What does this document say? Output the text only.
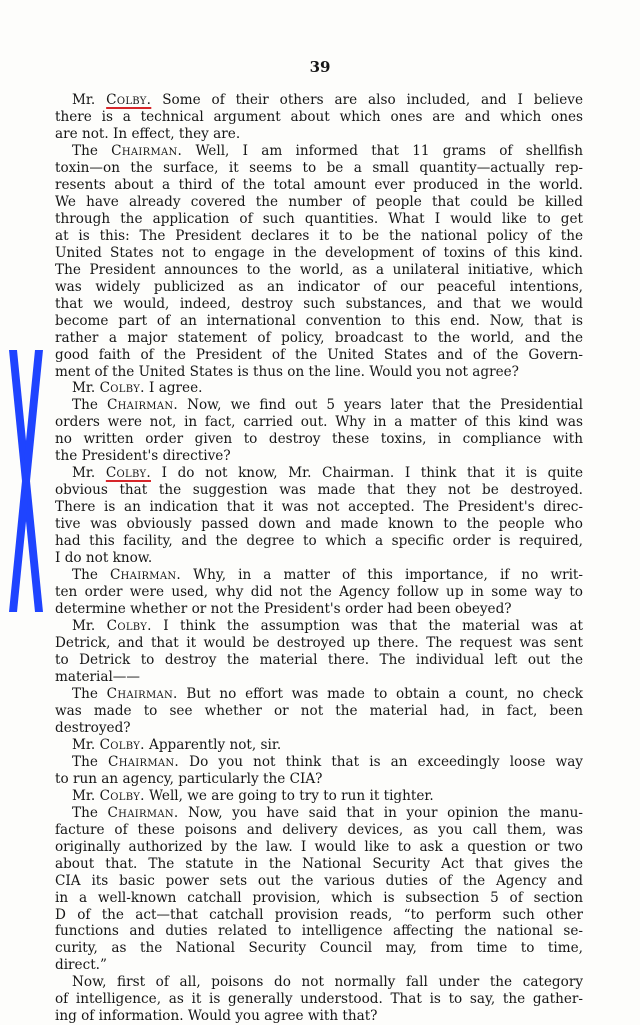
39
Mr. Colby. Some of their others are also included, and I believe
there is a technical argument about which ones are and which ones
are not. In effect, they are.
The Chairman. Well, I am informed that 11 grams of shellfish
toxin—on the surface, it seems to be a small quantity—actually rep-
resents about a third of the total amount ever produced in the world.
We have already covered the number of people that could be killed
through the application of such quantities. What I would like to get
at is this: The President declares it to be the national policy of the
United States not to engage in the development of toxins of this kind.
The President announces to the world, as a unilateral initiative, which
was widely publicized as an indicator of our peaceful intentions,
that we would, indeed, destroy such substances, and that we would
become part of an international convention to this end. Now, that is
rather a major statement of policy, broadcast to the world, and the
good faith of the President of the United States and of the Govern-
ment of the United States is thus on the line. Would you not agree?
Mr. Colby. I agree.
The Chairman. Now, we find out 5 years later that the Presidential
orders were not, in fact, carried out. Why in a matter of this kind was
no written order given to destroy these toxins, in compliance with
the President's directive?
Mr. Colby. I do not know, Mr. Chairman. I think that it is quite
obvious that the suggestion was made that they not be destroyed.
There is an indication that it was not accepted. The President's direc-
tive was obviously passed down and made known to the people who
had this facility, and the degree to which a specific order is required,
I do not know.
The Chairman. Why, in a matter of this importance, if no writ-
ten order were used, why did not the Agency follow up in some way to
determine whether or not the President's order had been obeyed?
Mr. Colby. I think the assumption was that the material was at
Detrick, and that it would be destroyed up there. The request was sent
to Detrick to destroy the material there. The individual left out the
material——
The Chairman. But no effort was made to obtain a count, no check
was made to see whether or not the material had, in fact, been
destroyed?
Mr. Colby. Apparently not, sir.
The Chairman. Do you not think that is an exceedingly loose way
to run an agency, particularly the CIA?
Mr. Colby. Well, we are going to try to run it tighter.
The Chairman. Now, you have said that in your opinion the manu-
facture of these poisons and delivery devices, as you call them, was
originally authorized by the law. I would like to ask a question or two
about that. The statute in the National Security Act that gives the
CIA its basic power sets out the various duties of the Agency and
in a well-known catchall provision, which is subsection 5 of section
D of the act—that catchall provision reads, “to perform such other
functions and duties related to intelligence affecting the national se-
curity, as the National Security Council may, from time to time,
direct.”
Now, first of all, poisons do not normally fall under the category
of intelligence, as it is generally understood. That is to say, the gather-
ing of information. Would you agree with that?
